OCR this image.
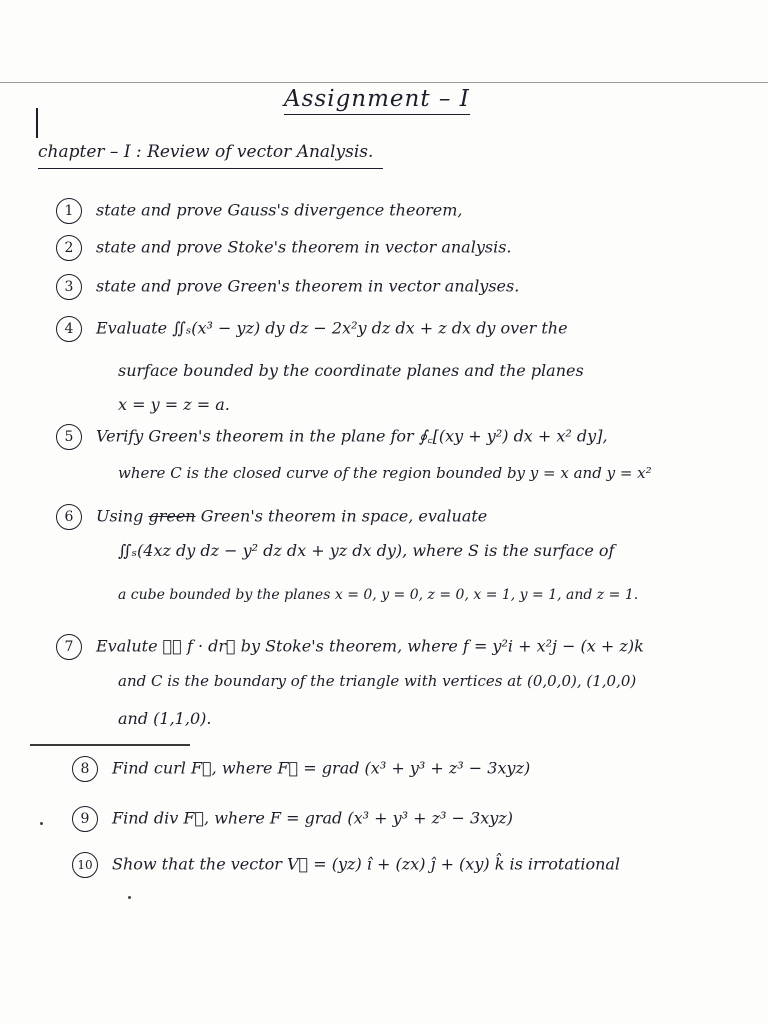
Assignment – I
chapter – I : Review of vector Analysis.
1 state and prove Gauss's divergence theorem,
2 state and prove Stoke's theorem in vector analysis.
3 state and prove Green's theorem in vector analyses.
4 Evaluate ∬ₛ(x³ − yz) dy dz − 2x²y dz dx + z dx dy over the
surface bounded by the coordinate planes and the planes
x = y = z = a.
5 Verify Green's theorem in the plane for ∮꜀[(xy + y²) dx + x² dy],
where C is the closed curve of the region bounded by y = x and y = x²
6 Using green Green's theorem in space, evaluate
∬ₛ(4xz dy dz − y² dz dx + yz dx dy), where S is the surface of
a cube bounded by the planes x = 0, y = 0, z = 0, x = 1, y = 1, and z = 1.
7 Evalute ∮꜀ f · dr⃗ by Stoke's theorem, where f = y²i + x²j − (x + z)k
and C is the boundary of the triangle with vertices at (0,0,0), (1,0,0)
and (1,1,0).
8 Find curl F⃗, where F⃗ = grad (x³ + y³ + z³ − 3xyz)
9 Find div F⃗, where F = grad (x³ + y³ + z³ − 3xyz)
10 Show that the vector V⃗ = (yz) î + (zx) ĵ + (xy) k̂ is irrotational
